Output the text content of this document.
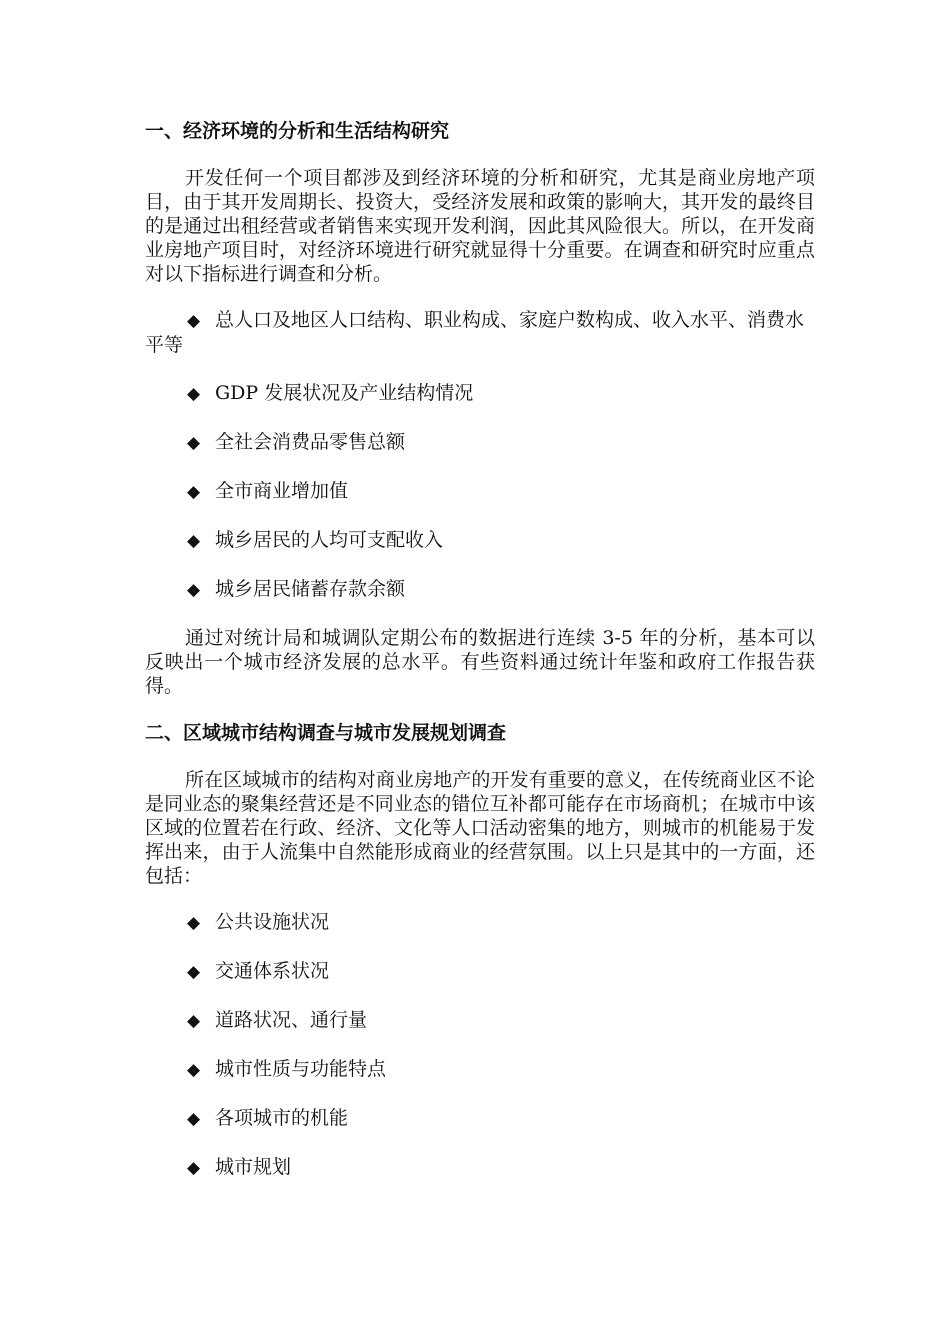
一、经济环境的分析和生活结构研究
开发任何一个项目都涉及到经济环境的分析和研究，尤其是商业房地产项目，由于其开发周期长、投资大，受经济发展和政策的影响大，其开发的最终目的是通过出租经营或者销售来实现开发利润，因此其风险很大。所以，在开发商业房地产项目时，对经济环境进行研究就显得十分重要。在调查和研究时应重点对以下指标进行调查和分析。
◆ 总人口及地区人口结构、职业构成、家庭户数构成、收入水平、消费水平等
◆ GDP 发展状况及产业结构情况
◆ 全社会消费品零售总额
◆ 全市商业增加值
◆ 城乡居民的人均可支配收入
◆ 城乡居民储蓄存款余额
通过对统计局和城调队定期公布的数据进行连续 3-5 年的分析，基本可以反映出一个城市经济发展的总水平。有些资料通过统计年鉴和政府工作报告获得。
二、区域城市结构调查与城市发展规划调查
所在区域城市的结构对商业房地产的开发有重要的意义，在传统商业区不论是同业态的聚集经营还是不同业态的错位互补都可能存在市场商机；在城市中该区域的位置若在行政、经济、文化等人口活动密集的地方，则城市的机能易于发挥出来，由于人流集中自然能形成商业的经营氛围。以上只是其中的一方面，还包括：
◆ 公共设施状况
◆ 交通体系状况
◆ 道路状况、通行量
◆ 城市性质与功能特点
◆ 各项城市的机能
◆ 城市规划
